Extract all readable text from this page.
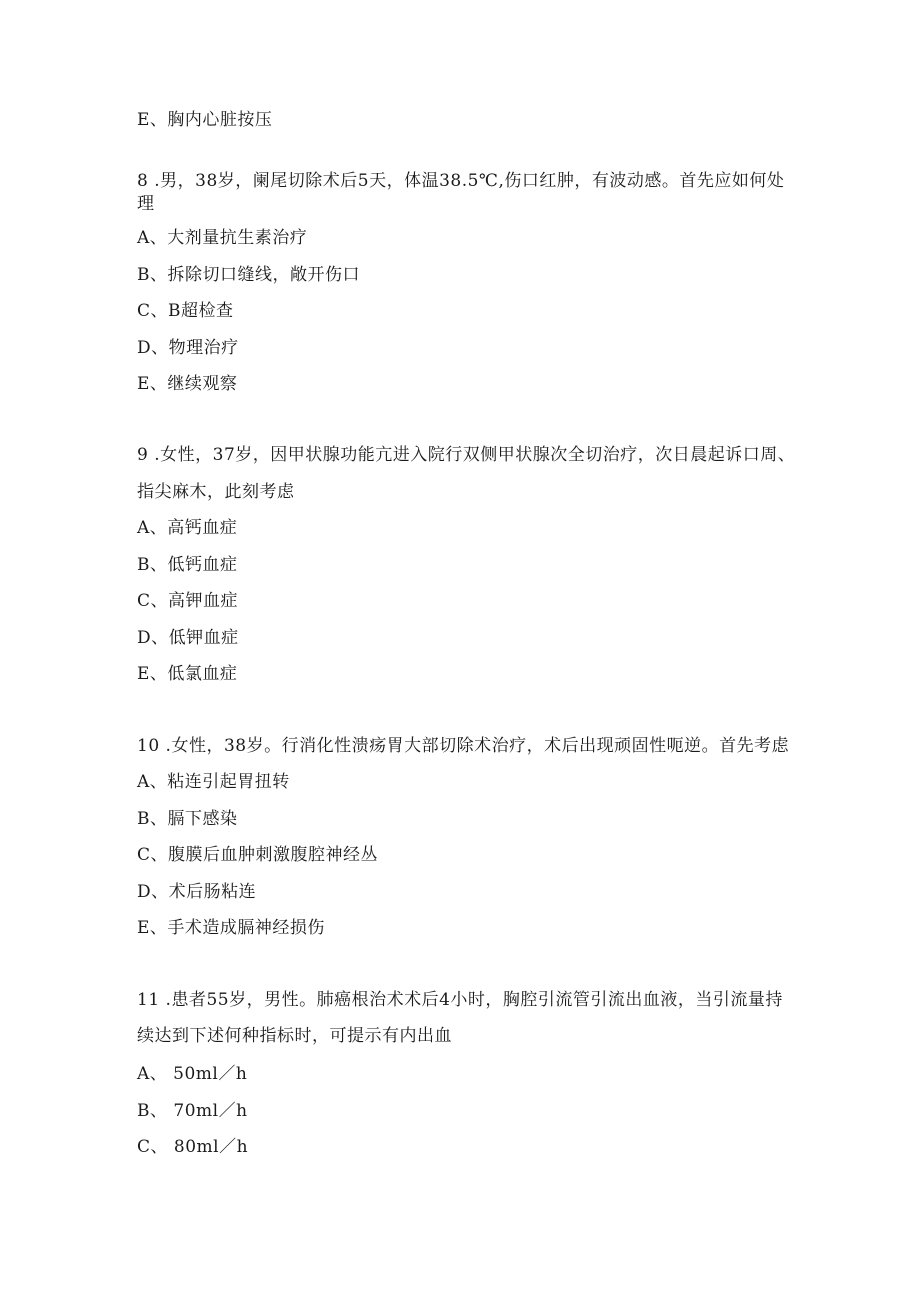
E、胸内心脏按压
8 .男，38岁，阑尾切除术后5天，体温38.5℃,伤口红肿，有波动感。首先应如何处
理
A、大剂量抗生素治疗
B、拆除切口缝线，敞开伤口
C、B超检查
D、物理治疗
E、继续观察
9 .女性，37岁，因甲状腺功能亢进入院行双侧甲状腺次全切治疗，次日晨起诉口周、
指尖麻木，此刻考虑
A、高钙血症
B、低钙血症
C、高钾血症
D、低钾血症
E、低氯血症
10 .女性，38岁。行消化性溃疡胃大部切除术治疗，术后出现顽固性呃逆。首先考虑
A、粘连引起胃扭转
B、膈下感染
C、腹膜后血肿刺激腹腔神经丛
D、术后肠粘连
E、手术造成膈神经损伤
11 .患者55岁，男性。肺癌根治术术后4小时，胸腔引流管引流出血液，当引流量持
续达到下述何种指标时，可提示有内出血
A、 50ml／h
B、 70ml／h
C、 80ml／h
